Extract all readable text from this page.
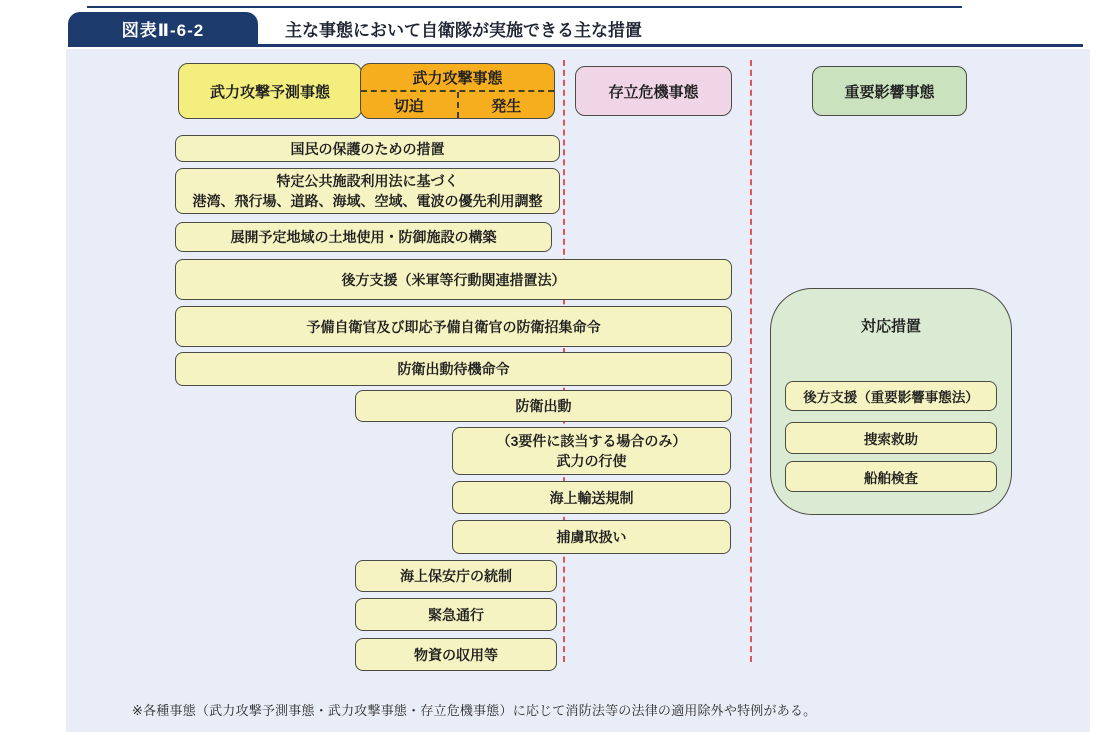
図表Ⅱ-6-2	主な事態において自衛隊が実施できる主な措置
武力攻撃予測事態
武力攻撃事態
切迫	発生
存立危機事態	重要影響事態
国民の保護のための措置
特定公共施設利用法に基づく
港湾、飛行場、道路、海域、空域、電波の優先利用調整
展開予定地域の土地使用・防御施設の構築
後方支援（米軍等行動関連措置法）
予備自衛官及び即応予備自衛官の防衛招集命令
防衛出動待機命令
防衛出動
（3要件に該当する場合のみ）
武力の行使
海上輸送規制
捕虜取扱い
海上保安庁の統制
緊急通行
物資の収用等
対応措置
後方支援（重要影響事態法）
捜索救助
船舶検査
※各種事態（武力攻撃予測事態・武力攻撃事態・存立危機事態）に応じて消防法等の法律の適用除外や特例がある。
